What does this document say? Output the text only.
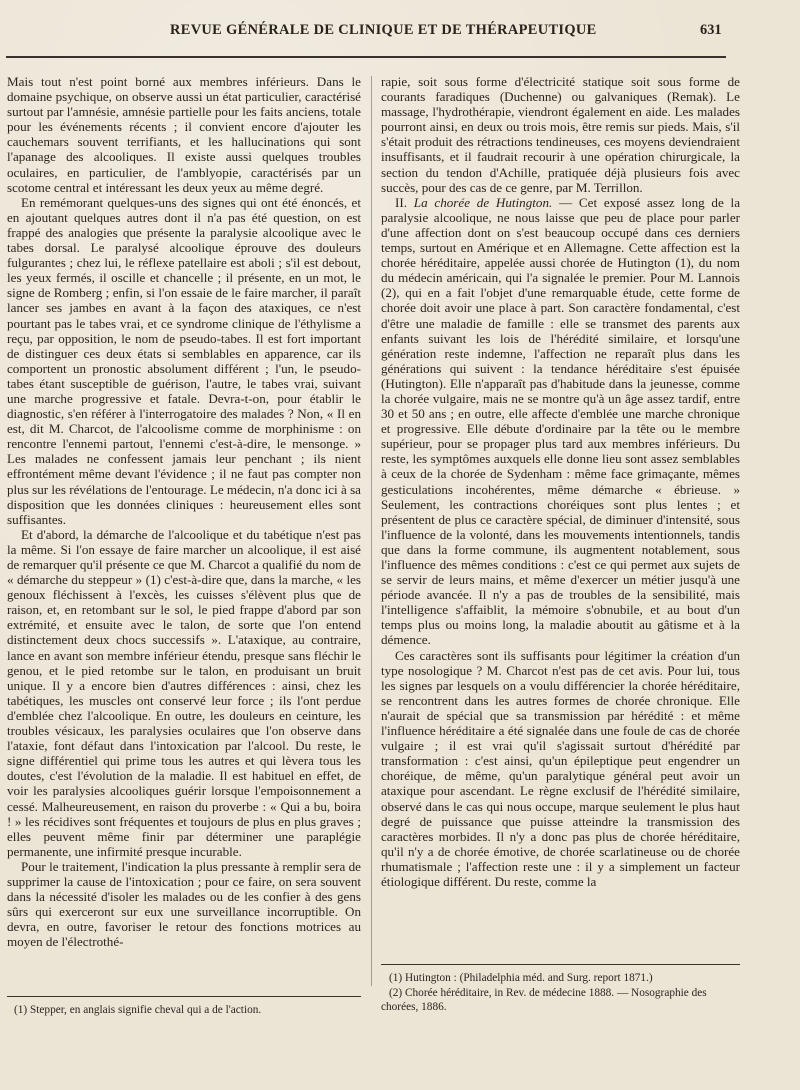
REVUE GÉNÉRALE DE CLINIQUE ET DE THÉRAPEUTIQUE	631

Mais tout n'est point borné aux membres inférieurs. Dans le domaine psychique, on observe aussi un état particulier, caractérisé surtout par l'amnésie, amnésie partielle pour les faits anciens, totale pour les événements récents ; il convient encore d'ajouter les cauchemars souvent terrifiants, et les hallucinations qui sont l'apanage des alcooliques. Il existe aussi quelques troubles oculaires, en particulier, de l'amblyopie, caractérisés par un scotome central et intéressant les deux yeux au même degré.

En remémorant quelques-uns des signes qui ont été énoncés, et en ajoutant quelques autres dont il n'a pas été question, on est frappé des analogies que présente la paralysie alcoolique avec le tabes dorsal. Le paralysé alcoolique éprouve des douleurs fulgurantes ; chez lui, le réflexe patellaire est aboli ; s'il est debout, les yeux fermés, il oscille et chancelle ; il présente, en un mot, le signe de Romberg ; enfin, si l'on essaie de le faire marcher, il paraît lancer ses jambes en avant à la façon des ataxiques, ce n'est pourtant pas le tabes vrai, et ce syndrome clinique de l'éthylisme a reçu, par opposition, le nom de pseudo-tabes. Il est fort important de distinguer ces deux états si semblables en apparence, car ils comportent un pronostic absolument différent ; l'un, le pseudo-tabes étant susceptible de guérison, l'autre, le tabes vrai, suivant une marche progressive et fatale. Devra-t-on, pour établir le diagnostic, s'en référer à l'interrogatoire des malades ? Non, « Il en est, dit M. Charcot, de l'alcoolisme comme de morphinisme : on rencontre l'ennemi partout, l'ennemi c'est-à-dire, le mensonge. » Les malades ne confessent jamais leur penchant ; ils nient effrontément même devant l'évidence ; il ne faut pas compter non plus sur les révélations de l'entourage. Le médecin, n'a donc ici à sa disposition que les données cliniques : heureusement elles sont suffisantes.

Et d'abord, la démarche de l'alcoolique et du tabétique n'est pas la même. Si l'on essaye de faire marcher un alcoolique, il est aisé de remarquer qu'il présente ce que M. Charcot a qualifié du nom de « démarche du steppeur » (1) c'est-à-dire que, dans la marche, « les genoux fléchissent à l'excès, les cuisses s'élèvent plus que de raison, et, en retombant sur le sol, le pied frappe d'abord par son extrémité, et ensuite avec le talon, de sorte que l'on entend distinctement deux chocs successifs ». L'ataxique, au contraire, lance en avant son membre inférieur étendu, presque sans fléchir le genou, et le pied retombe sur le talon, en produisant un bruit unique. Il y a encore bien d'autres différences : ainsi, chez les tabétiques, les muscles ont conservé leur force ; ils l'ont perdue d'emblée chez l'alcoolique. En outre, les douleurs en ceinture, les troubles vésicaux, les paralysies oculaires que l'on observe dans l'ataxie, font défaut dans l'intoxication par l'alcool. Du reste, le signe différentiel qui prime tous les autres et qui lèvera tous les doutes, c'est l'évolution de la maladie. Il est habituel en effet, de voir les paralysies alcooliques guérir lorsque l'empoisonnement a cessé. Malheureusement, en raison du proverbe : « Qui a bu, boira ! » les récidives sont fréquentes et toujours de plus en plus graves ; elles peuvent même finir par déterminer une paraplégie permanente, une infirmité presque incurable.

Pour le traitement, l'indication la plus pressante à remplir sera de supprimer la cause de l'intoxication ; pour ce faire, on sera souvent dans la nécessité d'isoler les malades ou de les confier à des gens sûrs qui exerceront sur eux une surveillance incorruptible. On devra, en outre, favoriser le retour des fonctions motrices au moyen de l'électrothé-

rapie, soit sous forme d'électricité statique soit sous forme de courants faradiques (Duchenne) ou galvaniques (Remak). Le massage, l'hydrothérapie, viendront également en aide. Les malades pourront ainsi, en deux ou trois mois, être remis sur pieds. Mais, s'il s'était produit des rétractions tendineuses, ces moyens deviendraient insuffisants, et il faudrait recourir à une opération chirurgicale, la section du tendon d'Achille, pratiquée déjà plusieurs fois avec succès, pour des cas de ce genre, par M. Terrillon.

II. La chorée de Hutington. — Cet exposé assez long de la paralysie alcoolique, ne nous laisse que peu de place pour parler d'une affection dont on s'est beaucoup occupé dans ces derniers temps, surtout en Amérique et en Allemagne. Cette affection est la chorée héréditaire, appelée aussi chorée de Hutington (1), du nom du médecin américain, qui l'a signalée le premier. Pour M. Lannois (2), qui en a fait l'objet d'une remarquable étude, cette forme de chorée doit avoir une place à part. Son caractère fondamental, c'est d'être une maladie de famille : elle se transmet des parents aux enfants suivant les lois de l'hérédité similaire, et lorsqu'une génération reste indemne, l'affection ne reparaît plus dans les générations qui suivent : la tendance héréditaire s'est épuisée (Hutington). Elle n'apparaît pas d'habitude dans la jeunesse, comme la chorée vulgaire, mais ne se montre qu'à un âge assez tardif, entre 30 et 50 ans ; en outre, elle affecte d'emblée une marche chronique et progressive. Elle débute d'ordinaire par la tête ou le membre supérieur, pour se propager plus tard aux membres inférieurs. Du reste, les symptômes auxquels elle donne lieu sont assez semblables à ceux de la chorée de Sydenham : même face grimaçante, mêmes gesticulations incohérentes, même démarche « ébrieuse. » Seulement, les contractions choréiques sont plus lentes ; et présentent de plus ce caractère spécial, de diminuer d'intensité, sous l'influence de la volonté, dans les mouvements intentionnels, tandis que dans la forme commune, ils augmentent notablement, sous l'influence des mêmes conditions : c'est ce qui permet aux sujets de se servir de leurs mains, et même d'exercer un métier jusqu'à une période avancée. Il n'y a pas de troubles de la sensibilité, mais l'intelligence s'affaiblit, la mémoire s'obnubile, et au bout d'un temps plus ou moins long, la maladie aboutit au gâtisme et à la démence.

Ces caractères sont ils suffisants pour légitimer la création d'un type nosologique ? M. Charcot n'est pas de cet avis. Pour lui, tous les signes par lesquels on a voulu différencier la chorée héréditaire, se rencontrent dans les autres formes de chorée chronique. Elle n'aurait de spécial que sa transmission par hérédité : et même l'influence héréditaire a été signalée dans une foule de cas de chorée vulgaire ; il est vrai qu'il s'agissait surtout d'hérédité par transformation : c'est ainsi, qu'un épileptique peut engendrer un choréique, de même, qu'un paralytique général peut avoir un ataxique pour ascendant. Le règne exclusif de l'hérédité similaire, observé dans le cas qui nous occupe, marque seulement le plus haut degré de puissance que puisse atteindre la transmission des caractères morbides. Il n'y a donc pas plus de chorée héréditaire, qu'il n'y a de chorée émotive, de chorée scarlatineuse ou de chorée rhumatismale ; l'affection reste une : il y a simplement un facteur étiologique différent. Du reste, comme la

(1) Stepper, en anglais signifie cheval qui a de l'action.
(1) Hutington : (Philadelphia méd. and Surg. report 1871.)
(2) Chorée héréditaire, in Rev. de médecine 1888. — Nosographie des chorées, 1886.
